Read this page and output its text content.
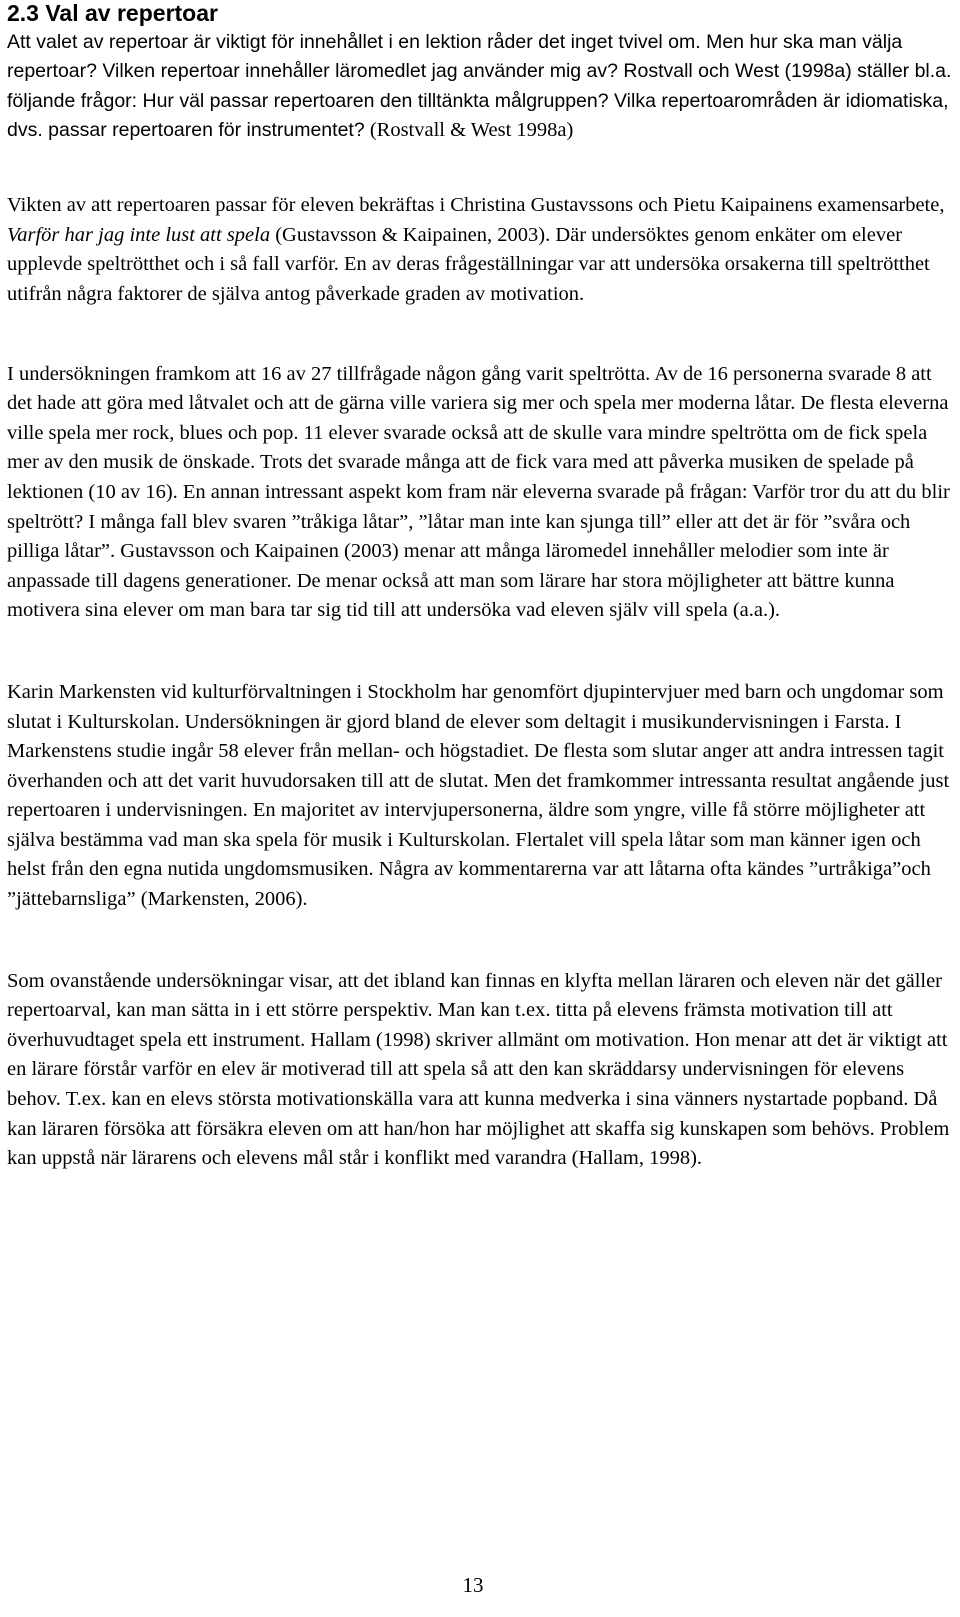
2.3 Val av repertoar

Att valet av repertoar är viktigt för innehållet i en lektion råder det inget tvivel om. Men hur ska man välja repertoar? Vilken repertoar innehåller läromedlet jag använder mig av? Rostvall och West (1998a) ställer bl.a. följande frågor: Hur väl passar repertoaren den tilltänkta målgruppen? Vilka repertoarområden är idiomatiska, dvs. passar repertoaren för instrumentet? (Rostvall & West 1998a)

Vikten av att repertoaren passar för eleven bekräftas i Christina Gustavssons och Pietu Kaipainens examensarbete, Varför har jag inte lust att spela (Gustavsson & Kaipainen, 2003). Där undersöktes genom enkäter om elever upplevde speltrötthet och i så fall varför. En av deras frågeställningar var att undersöka orsakerna till speltrötthet utifrån några faktorer de själva antog påverkade graden av motivation.

I undersökningen framkom att 16 av 27 tillfrågade någon gång varit speltrötta. Av de 16 personerna svarade 8 att det hade att göra med låtvalet och att de gärna ville variera sig mer och spela mer moderna låtar. De flesta eleverna ville spela mer rock, blues och pop. 11 elever svarade också att de skulle vara mindre speltrötta om de fick spela mer av den musik de önskade. Trots det svarade många att de fick vara med att påverka musiken de spelade på lektionen (10 av 16). En annan intressant aspekt kom fram när eleverna svarade på frågan: Varför tror du att du blir speltrött? I många fall blev svaren ”tråkiga låtar”, ”låtar man inte kan sjunga till” eller att det är för ”svåra och pilliga låtar”. Gustavsson och Kaipainen (2003) menar att många läromedel innehåller melodier som inte är anpassade till dagens generationer. De menar också att man som lärare har stora möjligheter att bättre kunna motivera sina elever om man bara tar sig tid till att undersöka vad eleven själv vill spela (a.a.).

Karin Markensten vid kulturförvaltningen i Stockholm har genomfört djupintervjuer med barn och ungdomar som slutat i Kulturskolan. Undersökningen är gjord bland de elever som deltagit i musikundervisningen i Farsta. I Markenstens studie ingår 58 elever från mellan- och högstadiet. De flesta som slutar anger att andra intressen tagit överhanden och att det varit huvudorsaken till att de slutat. Men det framkommer intressanta resultat angående just repertoaren i undervisningen. En majoritet av intervjupersonerna, äldre som yngre, ville få större möjligheter att själva bestämma vad man ska spela för musik i Kulturskolan. Flertalet vill spela låtar som man känner igen och helst från den egna nutida ungdomsmusiken. Några av kommentarerna var att låtarna ofta kändes ”urtråkiga”och ”jättebarnsliga” (Markensten, 2006).

Som ovanstående undersökningar visar, att det ibland kan finnas en klyfta mellan läraren och eleven när det gäller repertoarval, kan man sätta in i ett större perspektiv. Man kan t.ex. titta på elevens främsta motivation till att överhuvudtaget spela ett instrument. Hallam (1998) skriver allmänt om motivation. Hon menar att det är viktigt att en lärare förstår varför en elev är motiverad till att spela så att den kan skräddarsy undervisningen för elevens behov. T.ex. kan en elevs största motivationskälla vara att kunna medverka i sina vänners nystartade popband. Då kan läraren försöka att försäkra eleven om att han/hon har möjlighet att skaffa sig kunskapen som behövs. Problem kan uppstå när lärarens och elevens mål står i konflikt med varandra (Hallam, 1998).

13
